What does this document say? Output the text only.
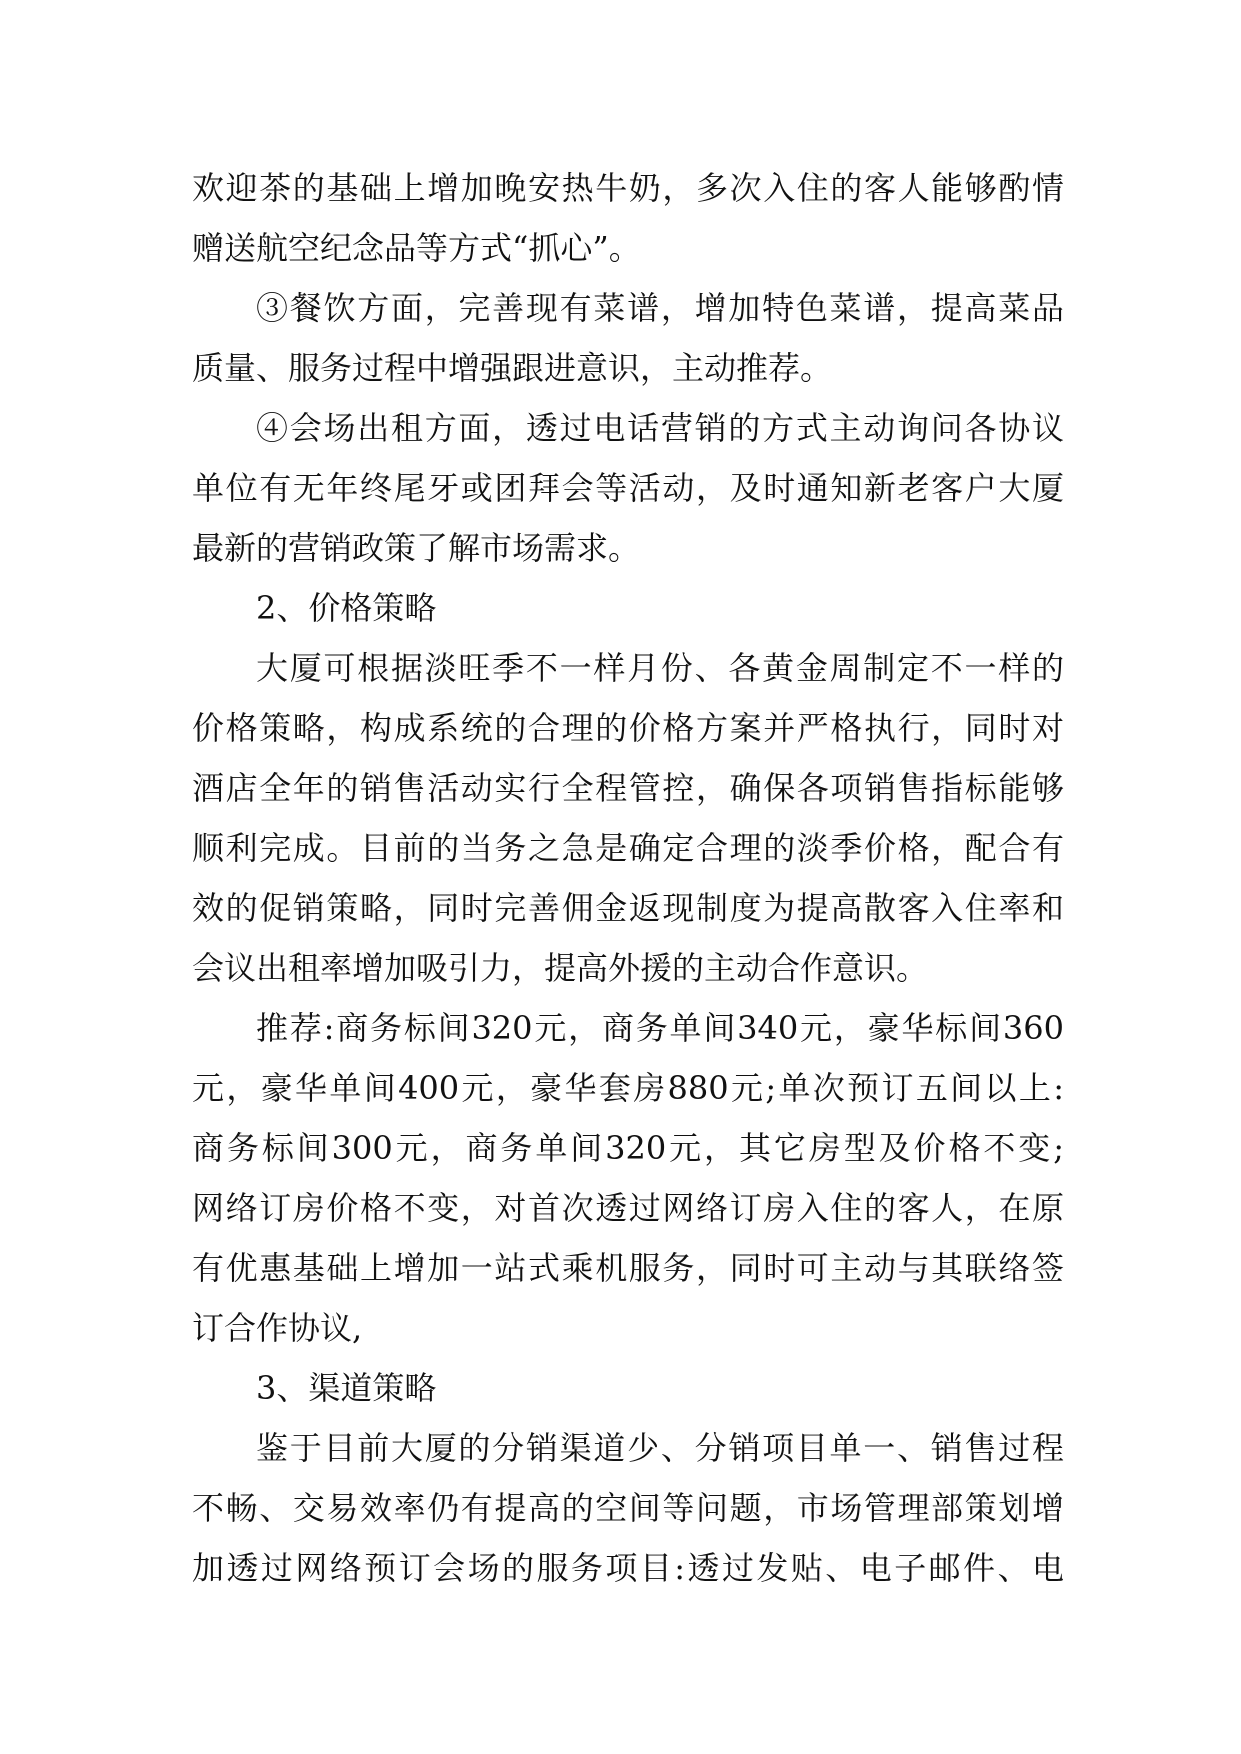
欢迎茶的基础上增加晚安热牛奶，多次入住的客人能够酌情
赠送航空纪念品等方式“抓心”。
③餐饮方面，完善现有菜谱，增加特色菜谱，提高菜品
质量、服务过程中增强跟进意识，主动推荐。
④会场出租方面，透过电话营销的方式主动询问各协议
单位有无年终尾牙或团拜会等活动，及时通知新老客户大厦
最新的营销政策了解市场需求。
2、价格策略
大厦可根据淡旺季不一样月份、各黄金周制定不一样的
价格策略，构成系统的合理的价格方案并严格执行，同时对
酒店全年的销售活动实行全程管控，确保各项销售指标能够
顺利完成。目前的当务之急是确定合理的淡季价格，配合有
效的促销策略，同时完善佣金返现制度为提高散客入住率和
会议出租率增加吸引力，提高外援的主动合作意识。
推荐:商务标间320元，商务单间340元，豪华标间360
元，豪华单间400元，豪华套房880元;单次预订五间以上:
商务标间300元，商务单间320元，其它房型及价格不变;
网络订房价格不变，对首次透过网络订房入住的客人，在原
有优惠基础上增加一站式乘机服务，同时可主动与其联络签
订合作协议,
3、渠道策略
鉴于目前大厦的分销渠道少、分销项目单一、销售过程
不畅、交易效率仍有提高的空间等问题，市场管理部策划增
加透过网络预订会场的服务项目:透过发贴、电子邮件、电
